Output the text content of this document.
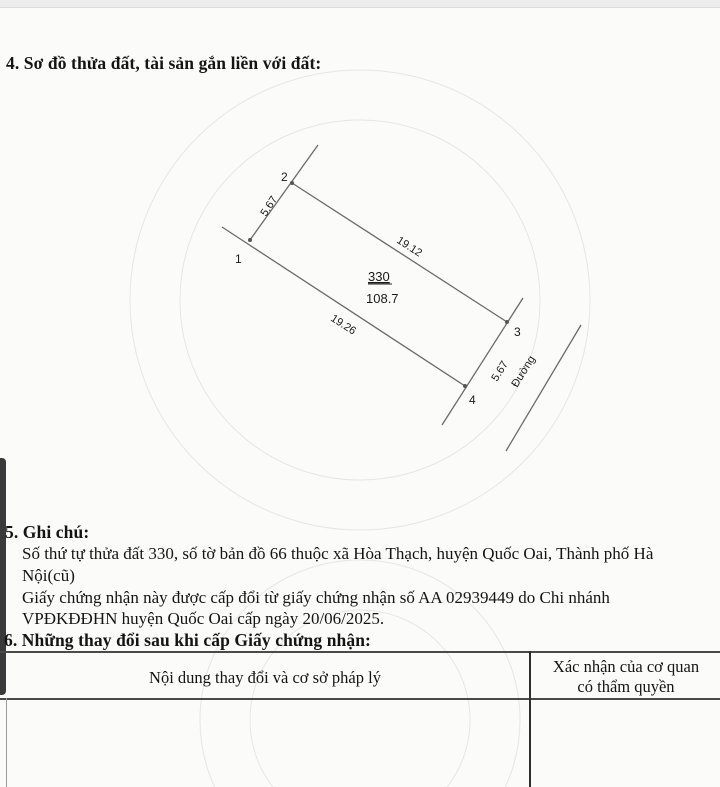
4. Sơ đồ thửa đất, tài sản gắn liền với đất:
1
2
3
4
5.67
19.12
19.26
5.67
Đường
330
108.7
5. Ghi chú:
Số thứ tự thửa đất 330, số tờ bản đồ 66 thuộc xã Hòa Thạch, huyện Quốc Oai, Thành phố Hà
Nội(cũ)
Giấy chứng nhận này được cấp đổi từ giấy chứng nhận số AA 02939449 do Chi nhánh
VPĐKĐĐHN huyện Quốc Oai cấp ngày 20/06/2025.
6. Những thay đổi sau khi cấp Giấy chứng nhận:
Nội dung thay đổi và cơ sở pháp lý
Xác nhận của cơ quan
có thẩm quyền
